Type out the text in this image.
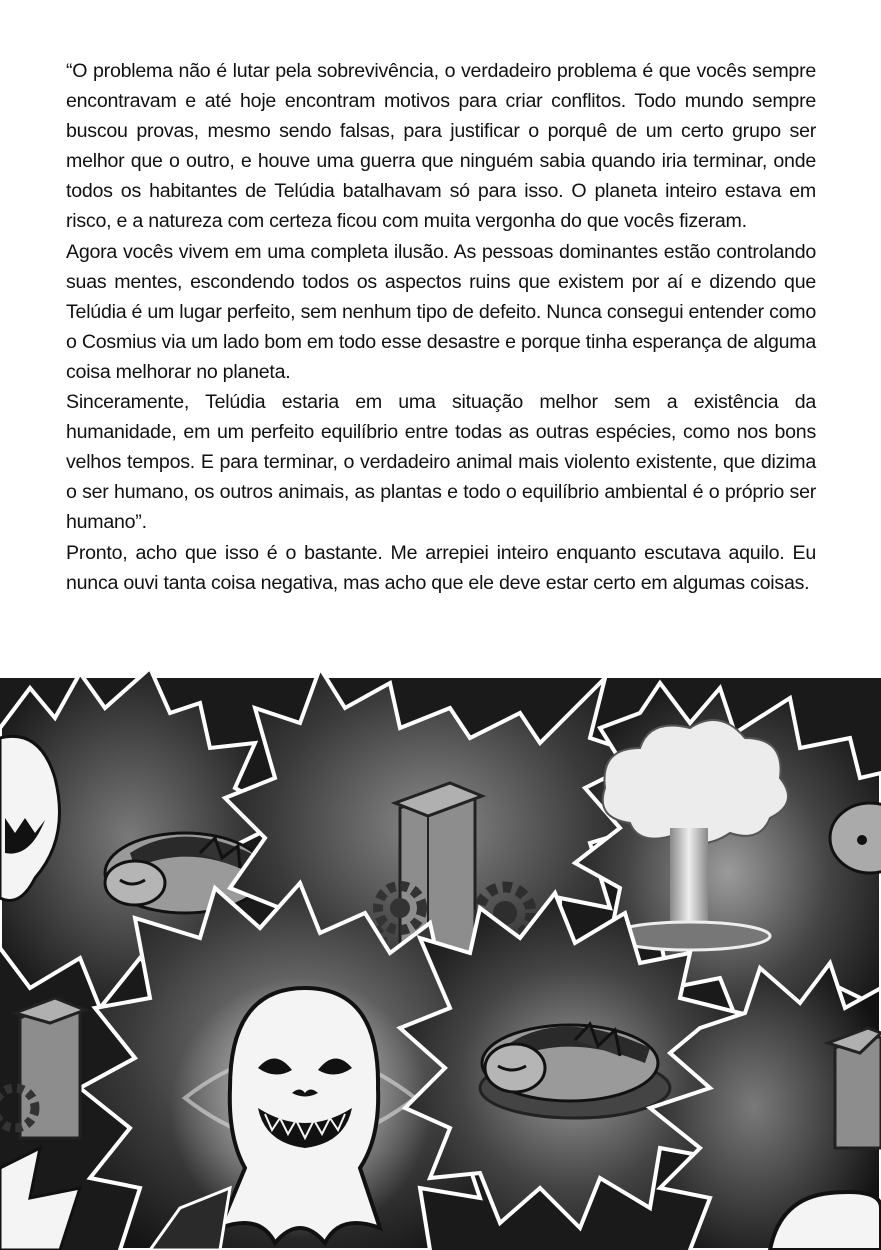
“O problema não é lutar pela sobrevivência, o verdadeiro problema é que vocês sempre encontravam e até hoje encontram motivos para criar conflitos. Todo mundo sempre buscou provas, mesmo sendo falsas, para justificar o porquê de um certo grupo ser melhor que o outro, e houve uma guerra que ninguém sabia quando iria terminar, onde todos os habitantes de Telúdia batalhavam só para isso. O planeta inteiro estava em risco, e a natureza com certeza ficou com muita vergonha do que vocês fizeram.

Agora vocês vivem em uma completa ilusão. As pessoas dominantes estão controlando suas mentes, escondendo todos os aspectos ruins que existem por aí e dizendo que Telúdia é um lugar perfeito, sem nenhum tipo de defeito. Nunca consegui entender como o Cosmius via um lado bom em todo esse desastre e porque tinha esperança de alguma coisa melhorar no planeta.

Sinceramente, Telúdia estaria em uma situação melhor sem a existência da humanidade, em um perfeito equilíbrio entre todas as outras espécies, como nos bons velhos tempos. E para terminar, o verdadeiro animal mais violento existente, que dizima o ser humano, os outros animais, as plantas e todo o equilíbrio ambiental é o próprio ser humano”.

Pronto, acho que isso é o bastante. Me arrepiei inteiro enquanto escutava aquilo. Eu nunca ouvi tanta coisa negativa, mas acho que ele deve estar certo em algumas coisas.
